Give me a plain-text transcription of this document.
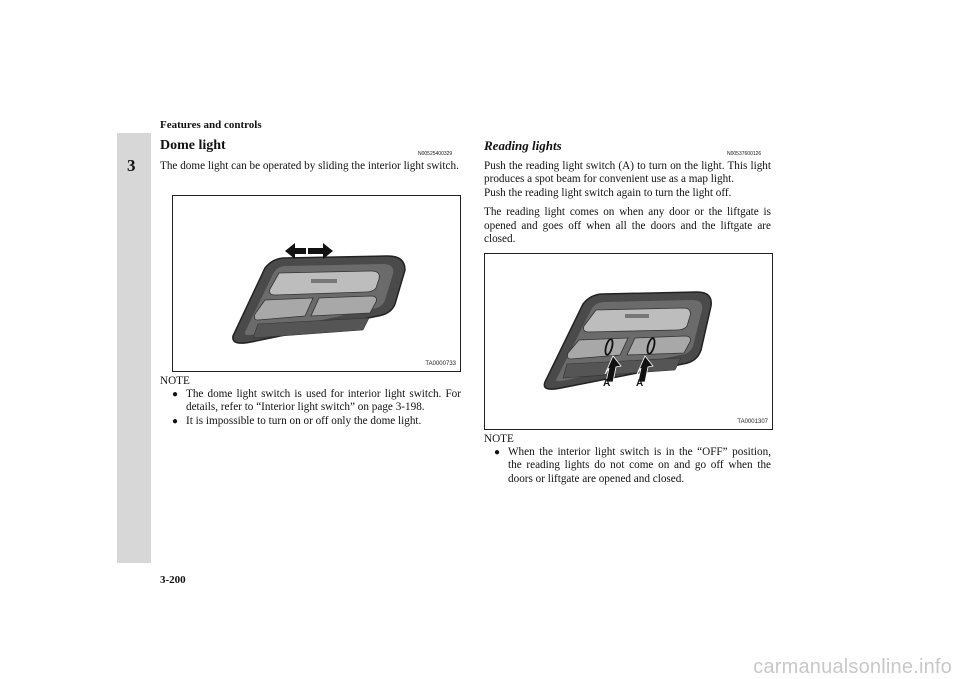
Features and controls
3
Dome light
N00525400329
The dome light can be operated by sliding the interior light switch.
TA0000733
NOTE
● The dome light switch is used for interior light switch. For details, refer to “Interior light switch” on page 3-198.
● It is impossible to turn on or off only the dome light.
Reading lights
N00537600126

Push the reading light switch (A) to turn on the light. This light produces a spot beam for convenient use as a map light.

Push the reading light switch again to turn the light off.

The reading light comes on when any door or the liftgate is opened and goes off when all the doors and the liftgate are closed.

A	A
TA0001307
NOTE
● When the interior light switch is in the “OFF” position, the reading lights do not come on and go off when the doors or liftgate are opened and closed.
3-200
carmanualsonline.info
